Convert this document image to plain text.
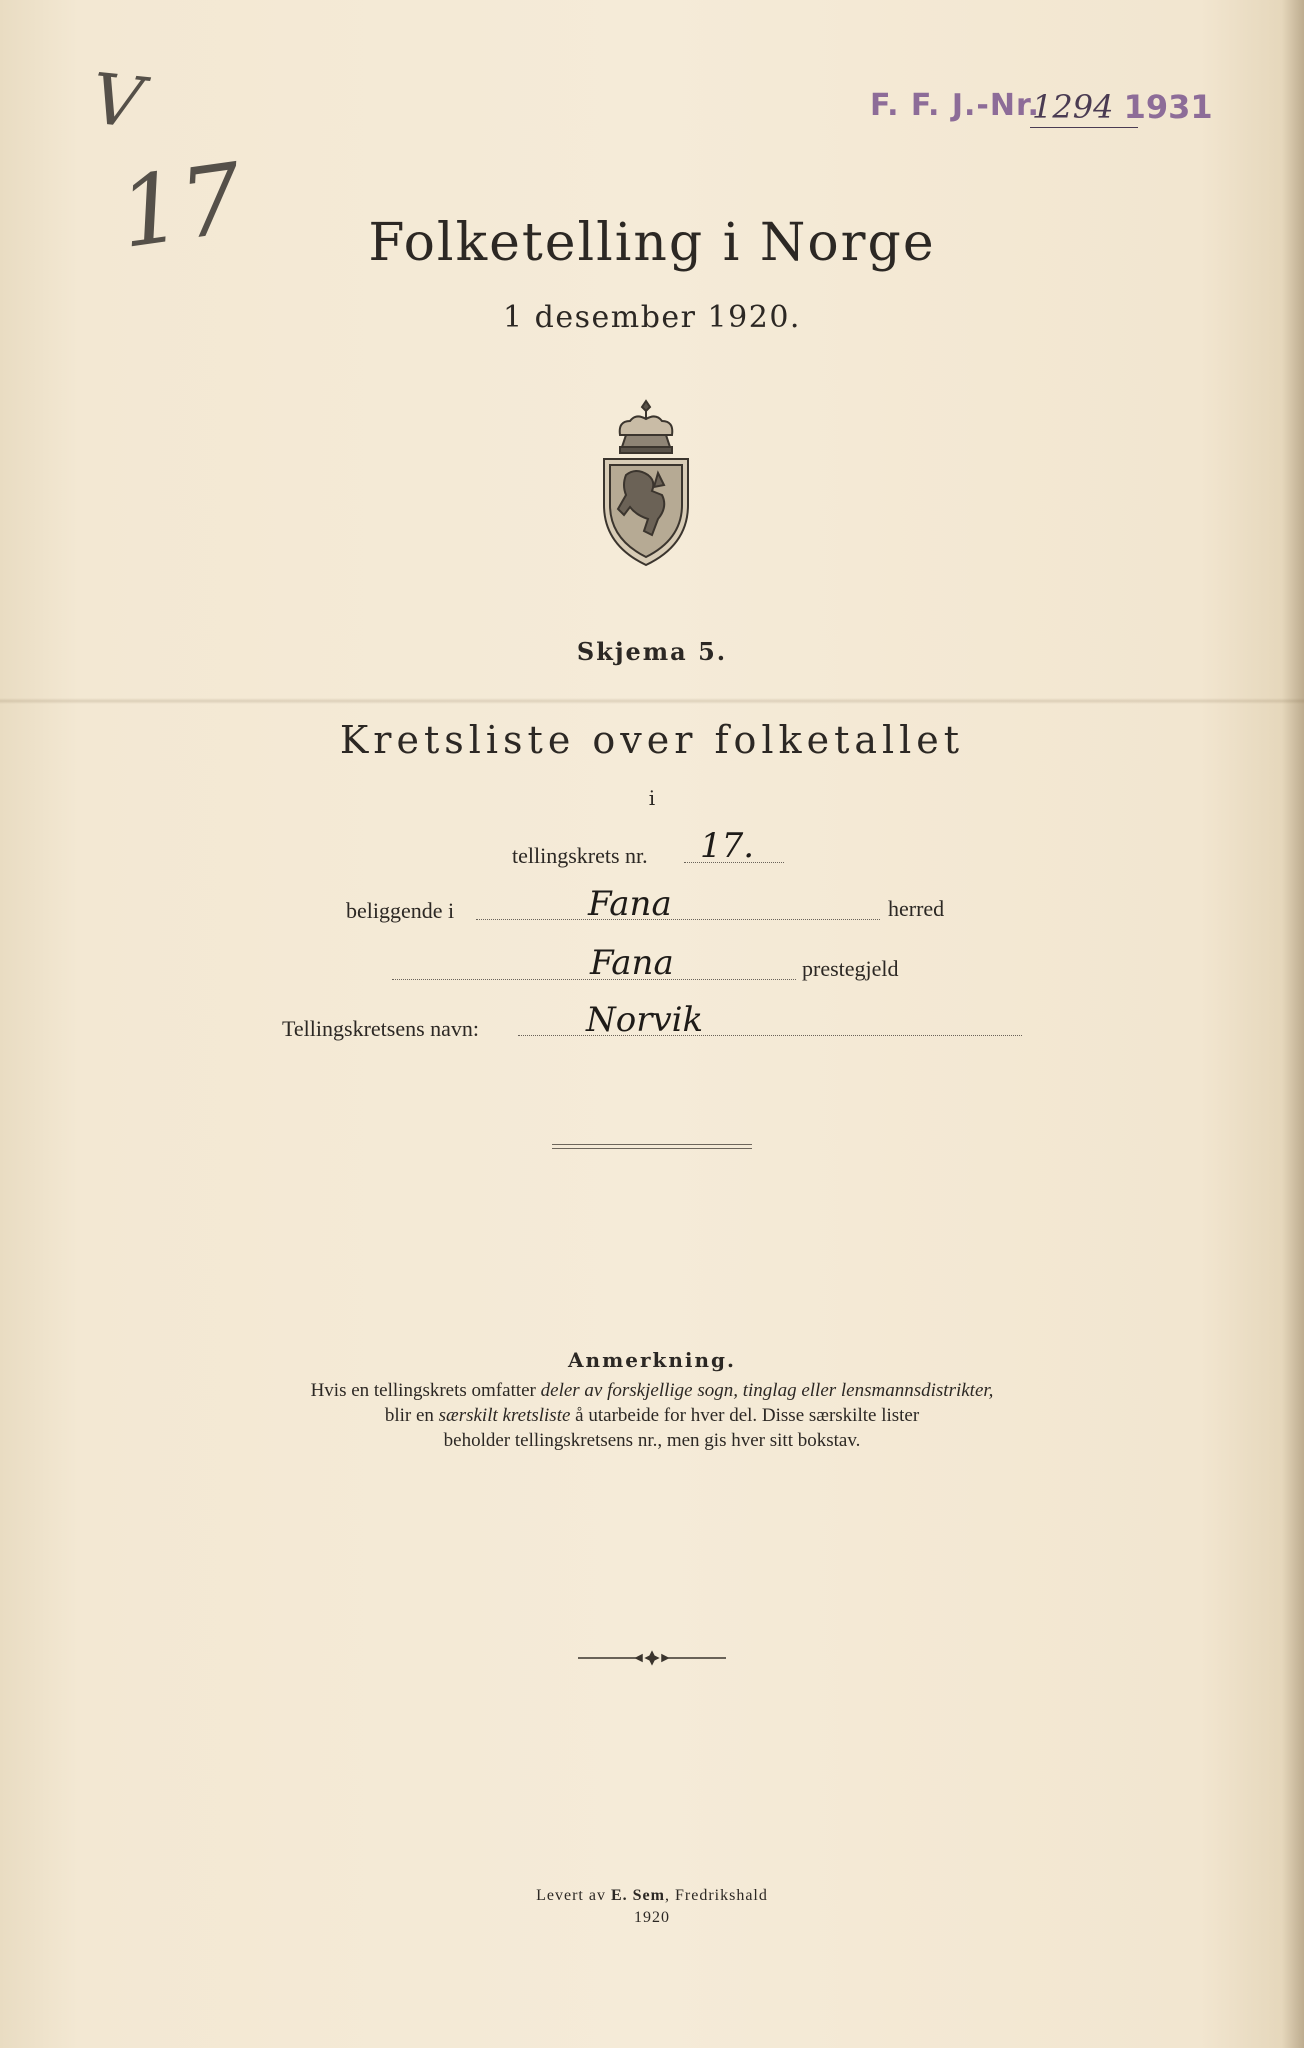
V
17
F. F. J.-Nr.
1294 1931
Folketelling i Norge
1 desember 1920.
Skjema 5.
Kretsliste over folketallet
i
tellingskrets nr. 17.
beliggende i	Fana	herred
Fana	prestegjeld
Tellingskretsens navn:	Norvik
Anmerkning.
Hvis en tellingskrets omfatter deler av forskjellige sogn, tinglag eller lensmannsdistrikter,
blir en særskilt kretsliste å utarbeide for hver del. Disse særskilte lister
beholder tellingskretsens nr., men gis hver sitt bokstav.
Levert av E. Sem, Fredrikshald
1920
